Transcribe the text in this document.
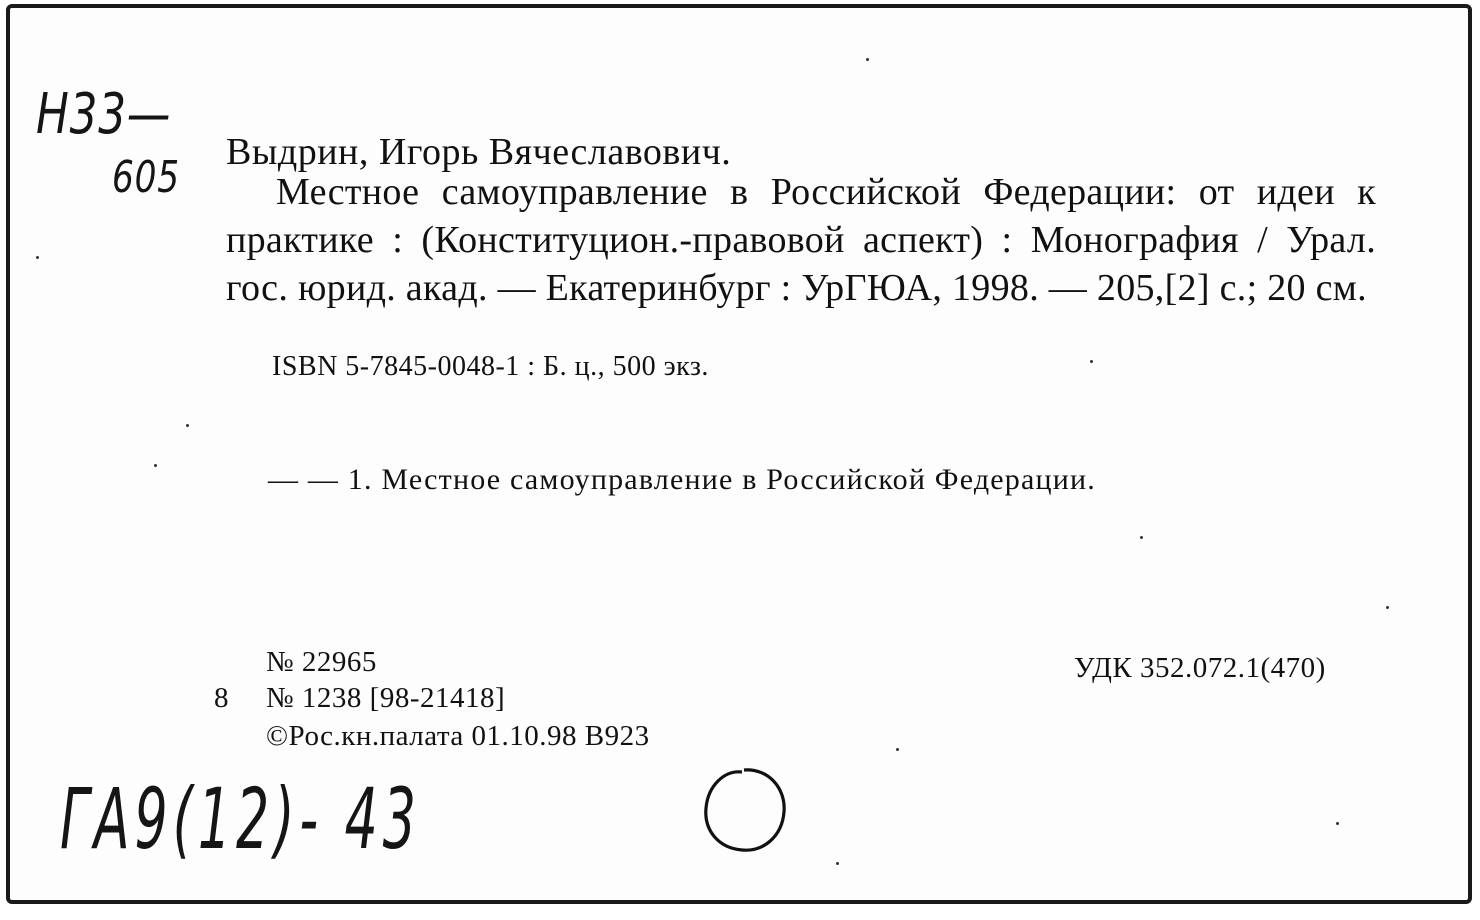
Н33—
605 Выдрин, Игорь Вячеславович.
Местное самоуправление в Российской Федерации: от идеи к практике : (Конституцион.-правовой аспект) : Монография / Урал. гос. юрид. акад. — Екатеринбург : УрГЮА, 1998. — 205,[2] с.; 20 см.
ISBN 5-7845-0048-1 : Б. ц., 500 экз.
— — 1. Местное самоуправление в Российской Федерации.
№ 22965
8 № 1238 [98-21418]
©Рос.кн.палата 01.10.98 В923
УДК 352.072.1(470)
ГА9(12)- 43
